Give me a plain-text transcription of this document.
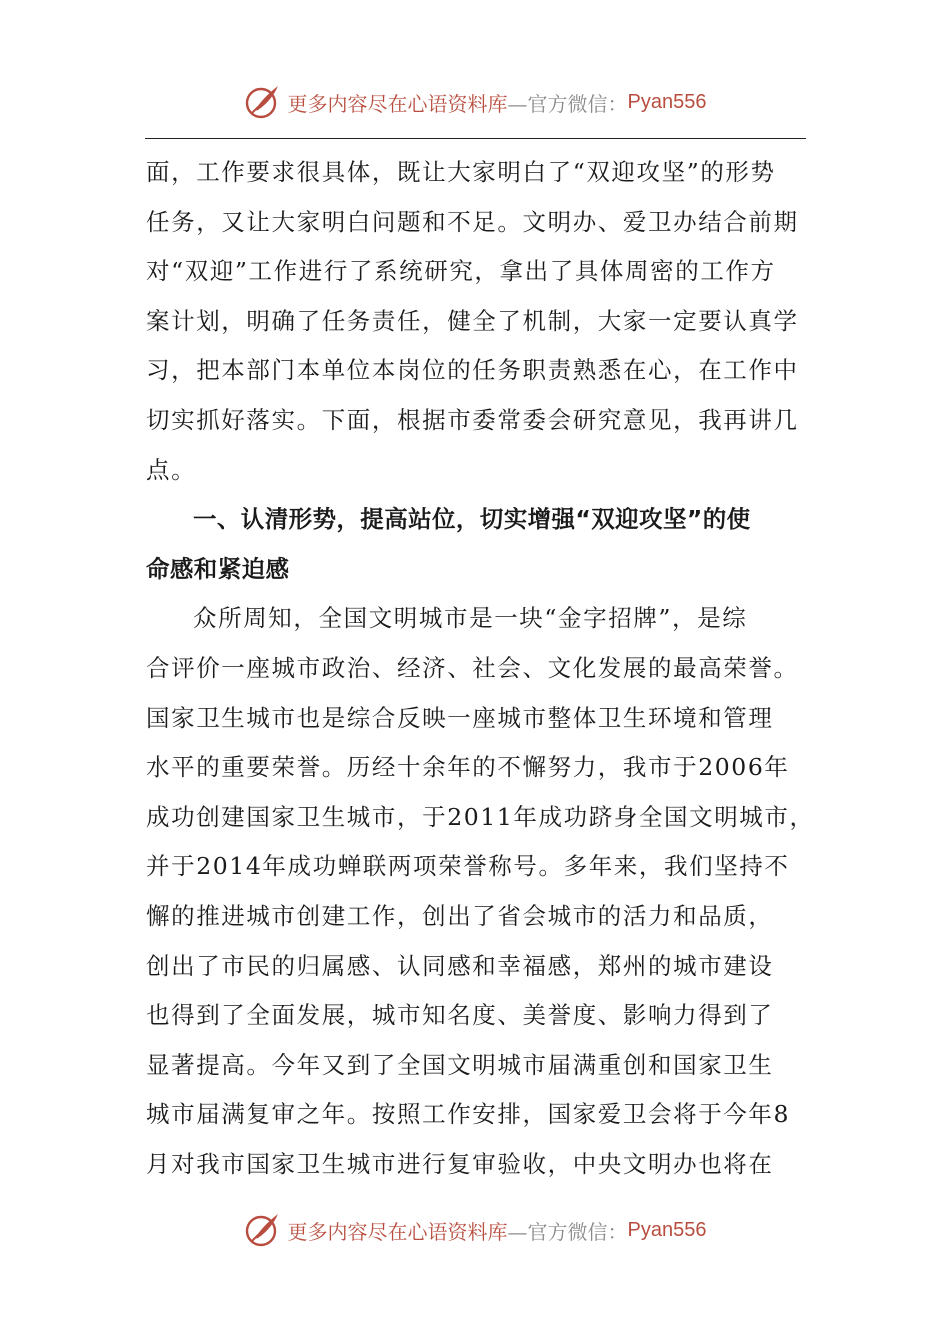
更多内容尽在心语资料库 —官方微信： Pyan556
面，工作要求很具体，既让大家明白了“双迎攻坚”的形势
任务，又让大家明白问题和不足。文明办、爱卫办结合前期
对“双迎”工作进行了系统研究，拿出了具体周密的工作方
案计划，明确了任务责任，健全了机制，大家一定要认真学
习，把本部门本单位本岗位的任务职责熟悉在心，在工作中
切实抓好落实。下面，根据市委常委会研究意见，我再讲几
点。
一、认清形势，提高站位，切实增强“双迎攻坚”的使
命感和紧迫感
众所周知，全国文明城市是一块“金字招牌”，是综
合评价一座城市政治、经济、社会、文化发展的最高荣誉。
国家卫生城市也是综合反映一座城市整体卫生环境和管理
水平的重要荣誉。历经十余年的不懈努力，我市于2006年
成功创建国家卫生城市，于2011年成功跻身全国文明城市，
并于2014年成功蝉联两项荣誉称号。多年来，我们坚持不
懈的推进城市创建工作，创出了省会城市的活力和品质，
创出了市民的归属感、认同感和幸福感，郑州的城市建设
也得到了全面发展，城市知名度、美誉度、影响力得到了
显著提高。今年又到了全国文明城市届满重创和国家卫生
城市届满复审之年。按照工作安排，国家爱卫会将于今年8
月对我市国家卫生城市进行复审验收，中央文明办也将在
更多内容尽在心语资料库 —官方微信： Pyan556
